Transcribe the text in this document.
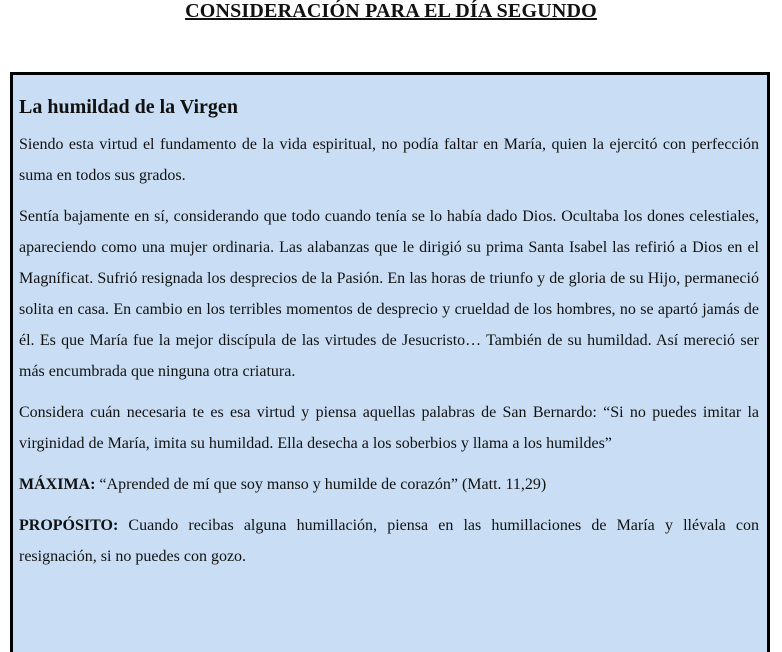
CONSIDERACIÓN PARA EL DÍA SEGUNDO
La humildad de la Virgen

Siendo esta virtud el fundamento de la vida espiritual, no podía faltar en María, quien la ejercitó con perfección suma en todos sus grados.

Sentía bajamente en sí, considerando que todo cuando tenía se lo había dado Dios. Ocultaba los dones celestiales, apareciendo como una mujer ordinaria. Las alabanzas que le dirigió su prima Santa Isabel las refirió a Dios en el Magníficat. Sufrió resignada los desprecios de la Pasión. En las horas de triunfo y de gloria de su Hijo, permaneció solita en casa. En cambio en los terribles momentos de desprecio y crueldad de los hombres, no se apartó jamás de él. Es que María fue la mejor discípula de las virtudes de Jesucristo… También de su humildad. Así mereció ser más encumbrada que ninguna otra criatura.

Considera cuán necesaria te es esa virtud y piensa aquellas palabras de San Bernardo: “Si no puedes imitar la virginidad de María, imita su humildad. Ella desecha a los soberbios y llama a los humildes”

MÁXIMA: “Aprended de mí que soy manso y humilde de corazón” (Matt. 11,29)

PROPÓSITO: Cuando recibas alguna humillación, piensa en las humillaciones de María y llévala con resignación, si no puedes con gozo.
